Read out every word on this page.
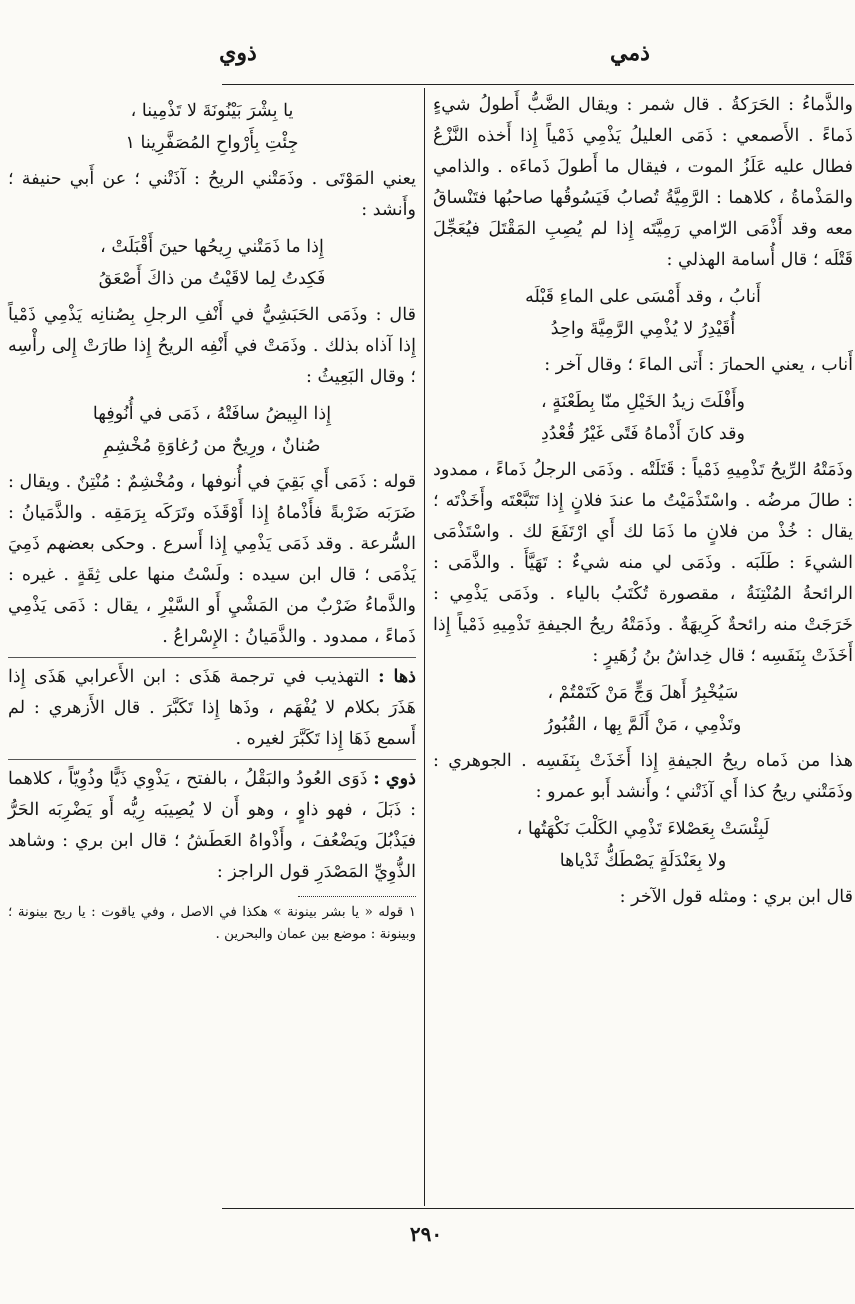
ذمي
ذوي

والذَّماءُ : الحَرَكةُ . قال شمر : ويقال الضَّبُّ أَطولُ شيءٍ ذَماءً . الأَصمعي : ذَمَى العليلُ يَذْمِي ذَمْياً إِذا أَخذه النَّزْعُ فطال عليه عَلَزُ الموت ، فيقال ما أَطولَ ذَماءَه . والذامي والمَذْماةُ ، كلاهما : الرَّمِيَّةُ تُصابُ فَيَسُوقُها صاحبُها فتَنْساقُ معه وقد أَذْمَى الرّامي رَمِيَّتَه إِذا لم يُصِبِ المَقْتَلَ فيُعَجِّلَ قَتْلَه ؛ قال أُسامة الهذلي :

أَنابُ ، وقد أَمْسَى على الماءِ قَبْلَه
أُقَيْدِرُ لا يُذْمِي الرَّمِيَّةَ واحِدُ

أَناب ، يعني الحمارَ : أَتى الماءَ ؛ وقال آخر :

وأَفْلَتَ زيدُ الخَيْلِ منّا بِطَعْنَةٍ ،
وقد كانَ أَذْماهُ فَتًى غَيْرُ قُعْدُدِ

وذَمَتْهُ الرِّيحُ تَذْمِيهِ ذَمْياً : قَتَلَتْه . وذَمَى الرجلُ ذَماءً ، ممدود : طالَ مرضُه . واسْتَذْمَيْتُ ما عندَ فلانٍ إِذا تَتَبَّعْتَه وأَخَذْتَه ؛ يقال : خُذْ من فلانٍ ما ذَمَا لك أَي ارْتَفَعَ لك . واسْتَذْمَى الشيءَ : طَلَبَه . وذَمَى لي منه شيءٌ : تَهَيَّأَ . والذَّمَى : الرائحةُ المُنْتِنَةُ ، مقصورة تُكْتَبُ بالياء . وذَمَى يَذْمِي : خَرَجَتْ منه رائحةٌ كَرِيهَةٌ . وذَمَتْهُ ريحُ الجيفةِ تَذْمِيهِ ذَمْياً إِذا أَخَذَتْ بِنَفَسِه ؛ قال خِداشُ بنُ زُهَيرٍ :

سَيُخْبِرُ أَهلَ وَجٍّ مَنْ كَتَمْتُمْ ،
وتَذْمِي ، مَنْ أَلَمَّ بِها ، القُبُورُ

هذا من ذَماه ريحُ الجيفةِ إِذا أَخَذَتْ بِنَفَسِه . الجوهري : وذَمَتْني ريحُ كذا أَي آذَتْني ؛ وأَنشد أَبو عمرو :

لَبِئْسَتْ بِعَصْلاءَ تَذْمِي الكَلْبَ نَكْهَتُها ،
ولا بِعَنْدَلَةٍ يَصْطَكُّ ثَدْياها

قال ابن بري : ومثله قول الآخر :

يا بِشْرَ بَيْنُونَةَ لا تَذْمِينا ،
جِئْتِ بِأَرْواحِ المُصَفَّرِينا ١

يعني المَوْتَى . وذَمَتْني الريحُ : آذَتْني ؛ عن أَبي حنيفة ؛ وأَنشد :

إِذا ما ذَمَتْني رِيحُها حينَ أَقْبَلَتْ ،
فَكِدتُ لِما لاقَيْتُ من ذاكَ أَصْعَقُ

قال : وذَمَى الحَبَشِيُّ في أَنْفِ الرجلِ بِصُنانِه يَذْمِي ذَمْياً إِذا آذاه بذلك . وذَمَتْ في أَنْفِه الريحُ إِذا طارَتْ إِلى رأْسِه ؛ وقال البَعِيثُ :

إِذا البِيضُ سافَتْهُ ، ذَمَى في أُنُوفِها
صُنانٌ ، ورِيحٌ من رُغاوَةِ مُخْشِمِ

قوله : ذَمَى أَي بَقِيَ في أُنوفها ، ومُخْشِمٌ : مُنْتِنٌ . ويقال : ضَرَبَه ضَرْبةً فأَذْماهُ إِذا أَوْقَذَه وتَرَكَه بِرَمَقِه . والذَّمَيانُ : السُّرعة . وقد ذَمَى يَذْمِي إِذا أَسرع . وحكى بعضهم ذَمِيَ يَذْمَى ؛ قال ابن سيده : ولَسْتُ منها على ثِقَةٍ . غيره : والذَّماءُ ضَرْبٌ من المَشْيِ أَو السَّيْرِ ، يقال : ذَمَى يَذْمِي ذَماءً ، ممدود . والذَّمَيانُ : الإِسْراعُ .

ذها : التهذيب في ترجمة هَذَى : ابن الأَعرابي هَذَى إِذا هَذَرَ بكلام لا يُفْهَم ، وذَها إِذا تَكَبَّرَ . قال الأَزهري : لم أَسمع ذَهَا إِذا تَكَبَّرَ لغيره .

ذوي : ذَوَى العُودُ والبَقْلُ ، بالفتح ، يَذْوِي ذَيًّا وذُوِيّاً ، كلاهما : ذَبَلَ ، فهو ذاوٍ ، وهو أَن لا يُصِيبَه رِيُّه أَو يَضْرِبَه الحَرُّ فيَذْبُلَ ويَضْعُفَ ، وأَذْواهُ العَطَشُ ؛ قال ابن بري : وشاهد الذُّوِيِّ المَصْدَرِ قول الراجز :

١ قوله « يا بشر بينونة » هكذا في الاصل ، وفي ياقوت : يا ريح بينونة ؛ وبينونة : موضع بين عمان والبحرين .

٢٩٠
